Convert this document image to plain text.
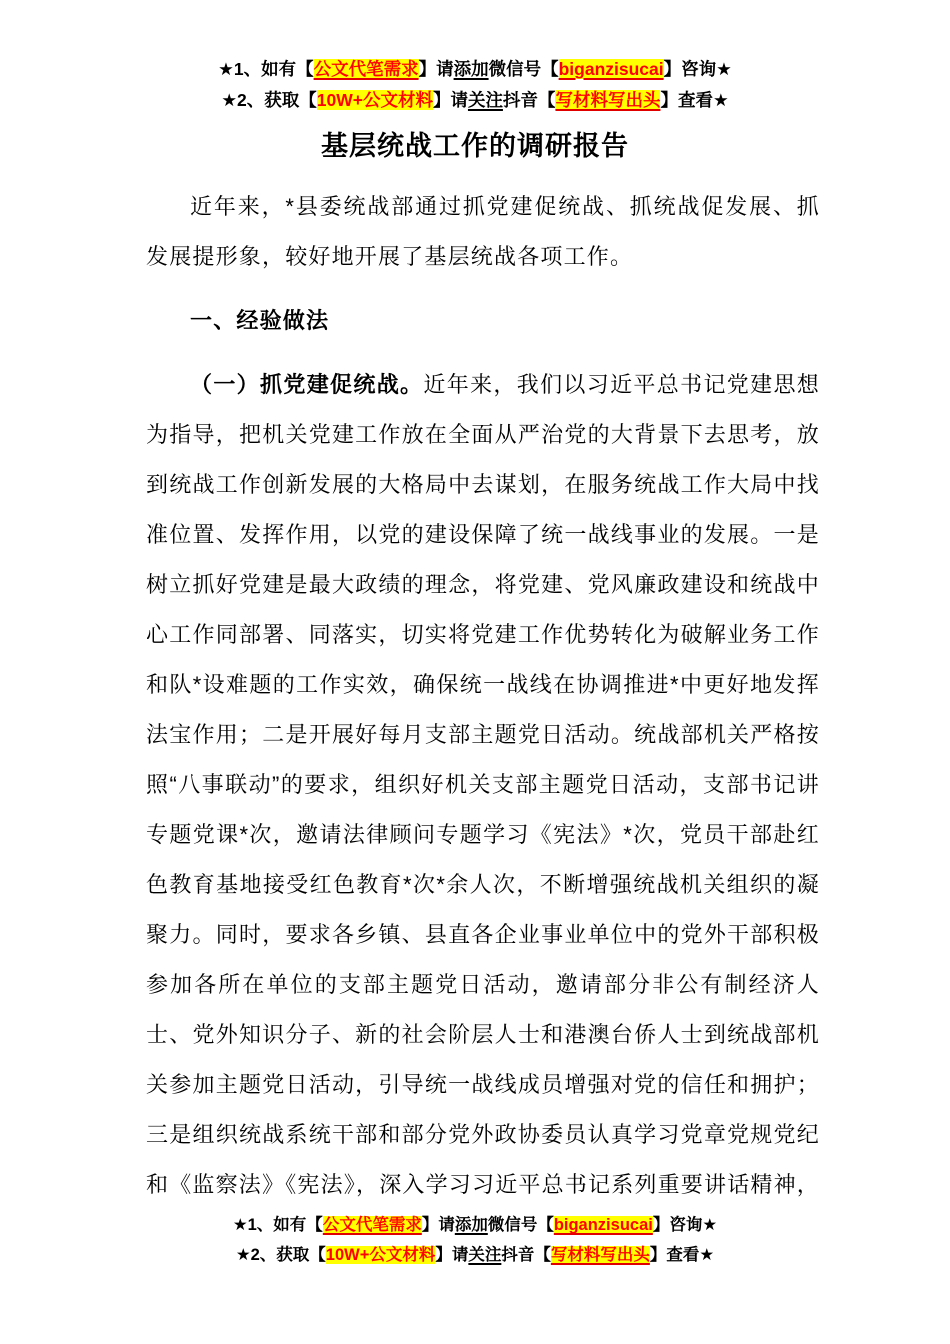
★1、如有【公文代笔需求】请添加微信号【biganzisucai】咨询★
★2、获取【10W+公文材料】请关注抖音【写材料写出头】查看★
基层统战工作的调研报告

近年来，*县委统战部通过抓党建促统战、抓统战促发展、抓发展提形象，较好地开展了基层统战各项工作。

一、经验做法

（一）抓党建促统战。近年来，我们以习近平总书记党建思想为指导，把机关党建工作放在全面从严治党的大背景下去思考，放到统战工作创新发展的大格局中去谋划，在服务统战工作大局中找准位置、发挥作用，以党的建设保障了统一战线事业的发展。一是树立抓好党建是最大政绩的理念，将党建、党风廉政建设和统战中心工作同部署、同落实，切实将党建工作优势转化为破解业务工作和队*设难题的工作实效，确保统一战线在协调推进*中更好地发挥法宝作用；二是开展好每月支部主题党日活动。统战部机关严格按照“八事联动”的要求，组织好机关支部主题党日活动，支部书记讲专题党课*次，邀请法律顾问专题学习《宪法》*次，党员干部赴红色教育基地接受红色教育*次*余人次，不断增强统战机关组织的凝聚力。同时，要求各乡镇、县直各企业事业单位中的党外干部积极参加各所在单位的支部主题党日活动，邀请部分非公有制经济人士、党外知识分子、新的社会阶层人士和港澳台侨人士到统战部机关参加主题党日活动，引导统一战线成员增强对党的信任和拥护；三是组织统战系统干部和部分党外政协委员认真学习党章党规党纪和《监察法》《宪法》，深入学习习近平总书记系列重要讲话精神，

★1、如有【公文代笔需求】请添加微信号【biganzisucai】咨询★
★2、获取【10W+公文材料】请关注抖音【写材料写出头】查看★
